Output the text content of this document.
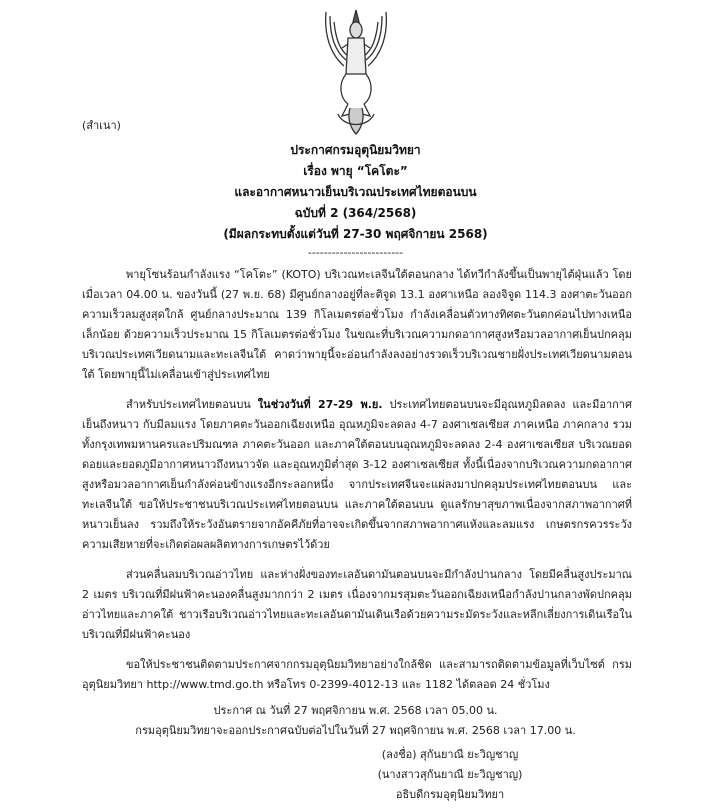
(สำเนา)
ประกาศกรมอุตุนิยมวิทยา
เรื่อง พายุ “โคโตะ”
และอากาศหนาวเย็นบริเวณประเทศไทยตอนบน
ฉบับที่ 2 (364/2568)
(มีผลกระทบตั้งแต่วันที่ 27-30 พฤศจิกายน 2568)
------------------------
พายุโซนร้อนกำลังแรง “โคโตะ” (KOTO) บริเวณทะเลจีนใต้ตอนกลาง ได้ทวีกำลังขึ้นเป็นพายุไต้ฝุ่นแล้ว โดยเมื่อเวลา 04.00 น. ของวันนี้ (27 พ.ย. 68) มีศูนย์กลางอยู่ที่ละติจูด 13.1 องศาเหนือ ลองจิจูด 114.3 องศาตะวันออก ความเร็วลมสูงสุดใกล้ ศูนย์กลางประมาณ 139 กิโลเมตรต่อชั่วโมง กำลังเคลื่อนตัวทางทิศตะวันตกค่อนไปทางเหนือเล็กน้อย ด้วยความเร็วประมาณ 15 กิโลเมตรต่อชั่วโมง ในขณะที่บริเวณความกดอากาศสูงหรือมวลอากาศเย็นปกคลุมบริเวณประเทศเวียดนามและทะเลจีนใต้ คาดว่าพายุนี้จะอ่อนกำลังลงอย่างรวดเร็วบริเวณชายฝั่งประเทศเวียดนามตอนใต้ โดยพายุนี้ไม่เคลื่อนเข้าสู่ประเทศไทย
สำหรับประเทศไทยตอนบน ในช่วงวันที่ 27-29 พ.ย. ประเทศไทยตอนบนจะมีอุณหภูมิลดลง และมีอากาศเย็นถึงหนาว กับมีลมแรง โดยภาคตะวันออกเฉียงเหนือ อุณหภูมิจะลดลง 4-7 องศาเซลเซียส ภาคเหนือ ภาคกลาง รวมทั้งกรุงเทพมหานครและปริมณฑล ภาคตะวันออก และภาคใต้ตอนบนอุณหภูมิจะลดลง 2-4 องศาเซลเซียส บริเวณยอดดอยและยอดภูมีอากาศหนาวถึงหนาวจัด และอุณหภูมิต่ำสุด 3-12 องศาเซลเซียส ทั้งนี้เนื่องจากบริเวณความกดอากาศสูงหรือมวลอากาศเย็นกำลังค่อนข้างแรงอีกระลอกหนึ่ง จากประเทศจีนจะแผ่ลงมาปกคลุมประเทศไทยตอนบน และทะเลจีนใต้ ขอให้ประชาชนบริเวณประเทศไทยตอนบน และภาคใต้ตอนบน ดูแลรักษาสุขภาพเนื่องจากสภาพอากาศที่หนาวเย็นลง รวมถึงให้ระวังอันตรายจากอัคคีภัยที่อาจจะเกิดขึ้นจากสภาพอากาศแห้งและลมแรง เกษตรกรควรระวังความเสียหายที่จะเกิดต่อผลผลิตทางการเกษตรไว้ด้วย
ส่วนคลื่นลมบริเวณอ่าวไทย และห่างฝั่งของทะเลอันดามันตอนบนจะมีกำลังปานกลาง โดยมีคลื่นสูงประมาณ 2 เมตร บริเวณที่มีฝนฟ้าคะนองคลื่นสูงมากกว่า 2 เมตร เนื่องจากมรสุมตะวันออกเฉียงเหนือกำลังปานกลางพัดปกคลุมอ่าวไทยและภาคใต้ ชาวเรือบริเวณอ่าวไทยและทะเลอันดามันเดินเรือด้วยความระมัดระวังและหลีกเลี่ยงการเดินเรือในบริเวณที่มีฝนฟ้าคะนอง
ขอให้ประชาชนติดตามประกาศจากกรมอุตุนิยมวิทยาอย่างใกล้ชิด และสามารถติดตามข้อมูลที่เว็บไซต์ กรมอุตุนิยมวิทยา http://www.tmd.go.th หรือโทร 0-2399-4012-13 และ 1182 ได้ตลอด 24 ชั่วโมง
ประกาศ ณ วันที่ 27 พฤศจิกายน พ.ศ. 2568 เวลา 05.00 น.
กรมอุตุนิยมวิทยาจะออกประกาศฉบับต่อไปในวันที่ 27 พฤศจิกายน พ.ศ. 2568 เวลา 17.00 น.
(ลงชื่อ) สุกันยาณี ยะวิญชาญ
(นางสาวสุกันยาณี ยะวิญชาญ)
อธิบดีกรมอุตุนิยมวิทยา
